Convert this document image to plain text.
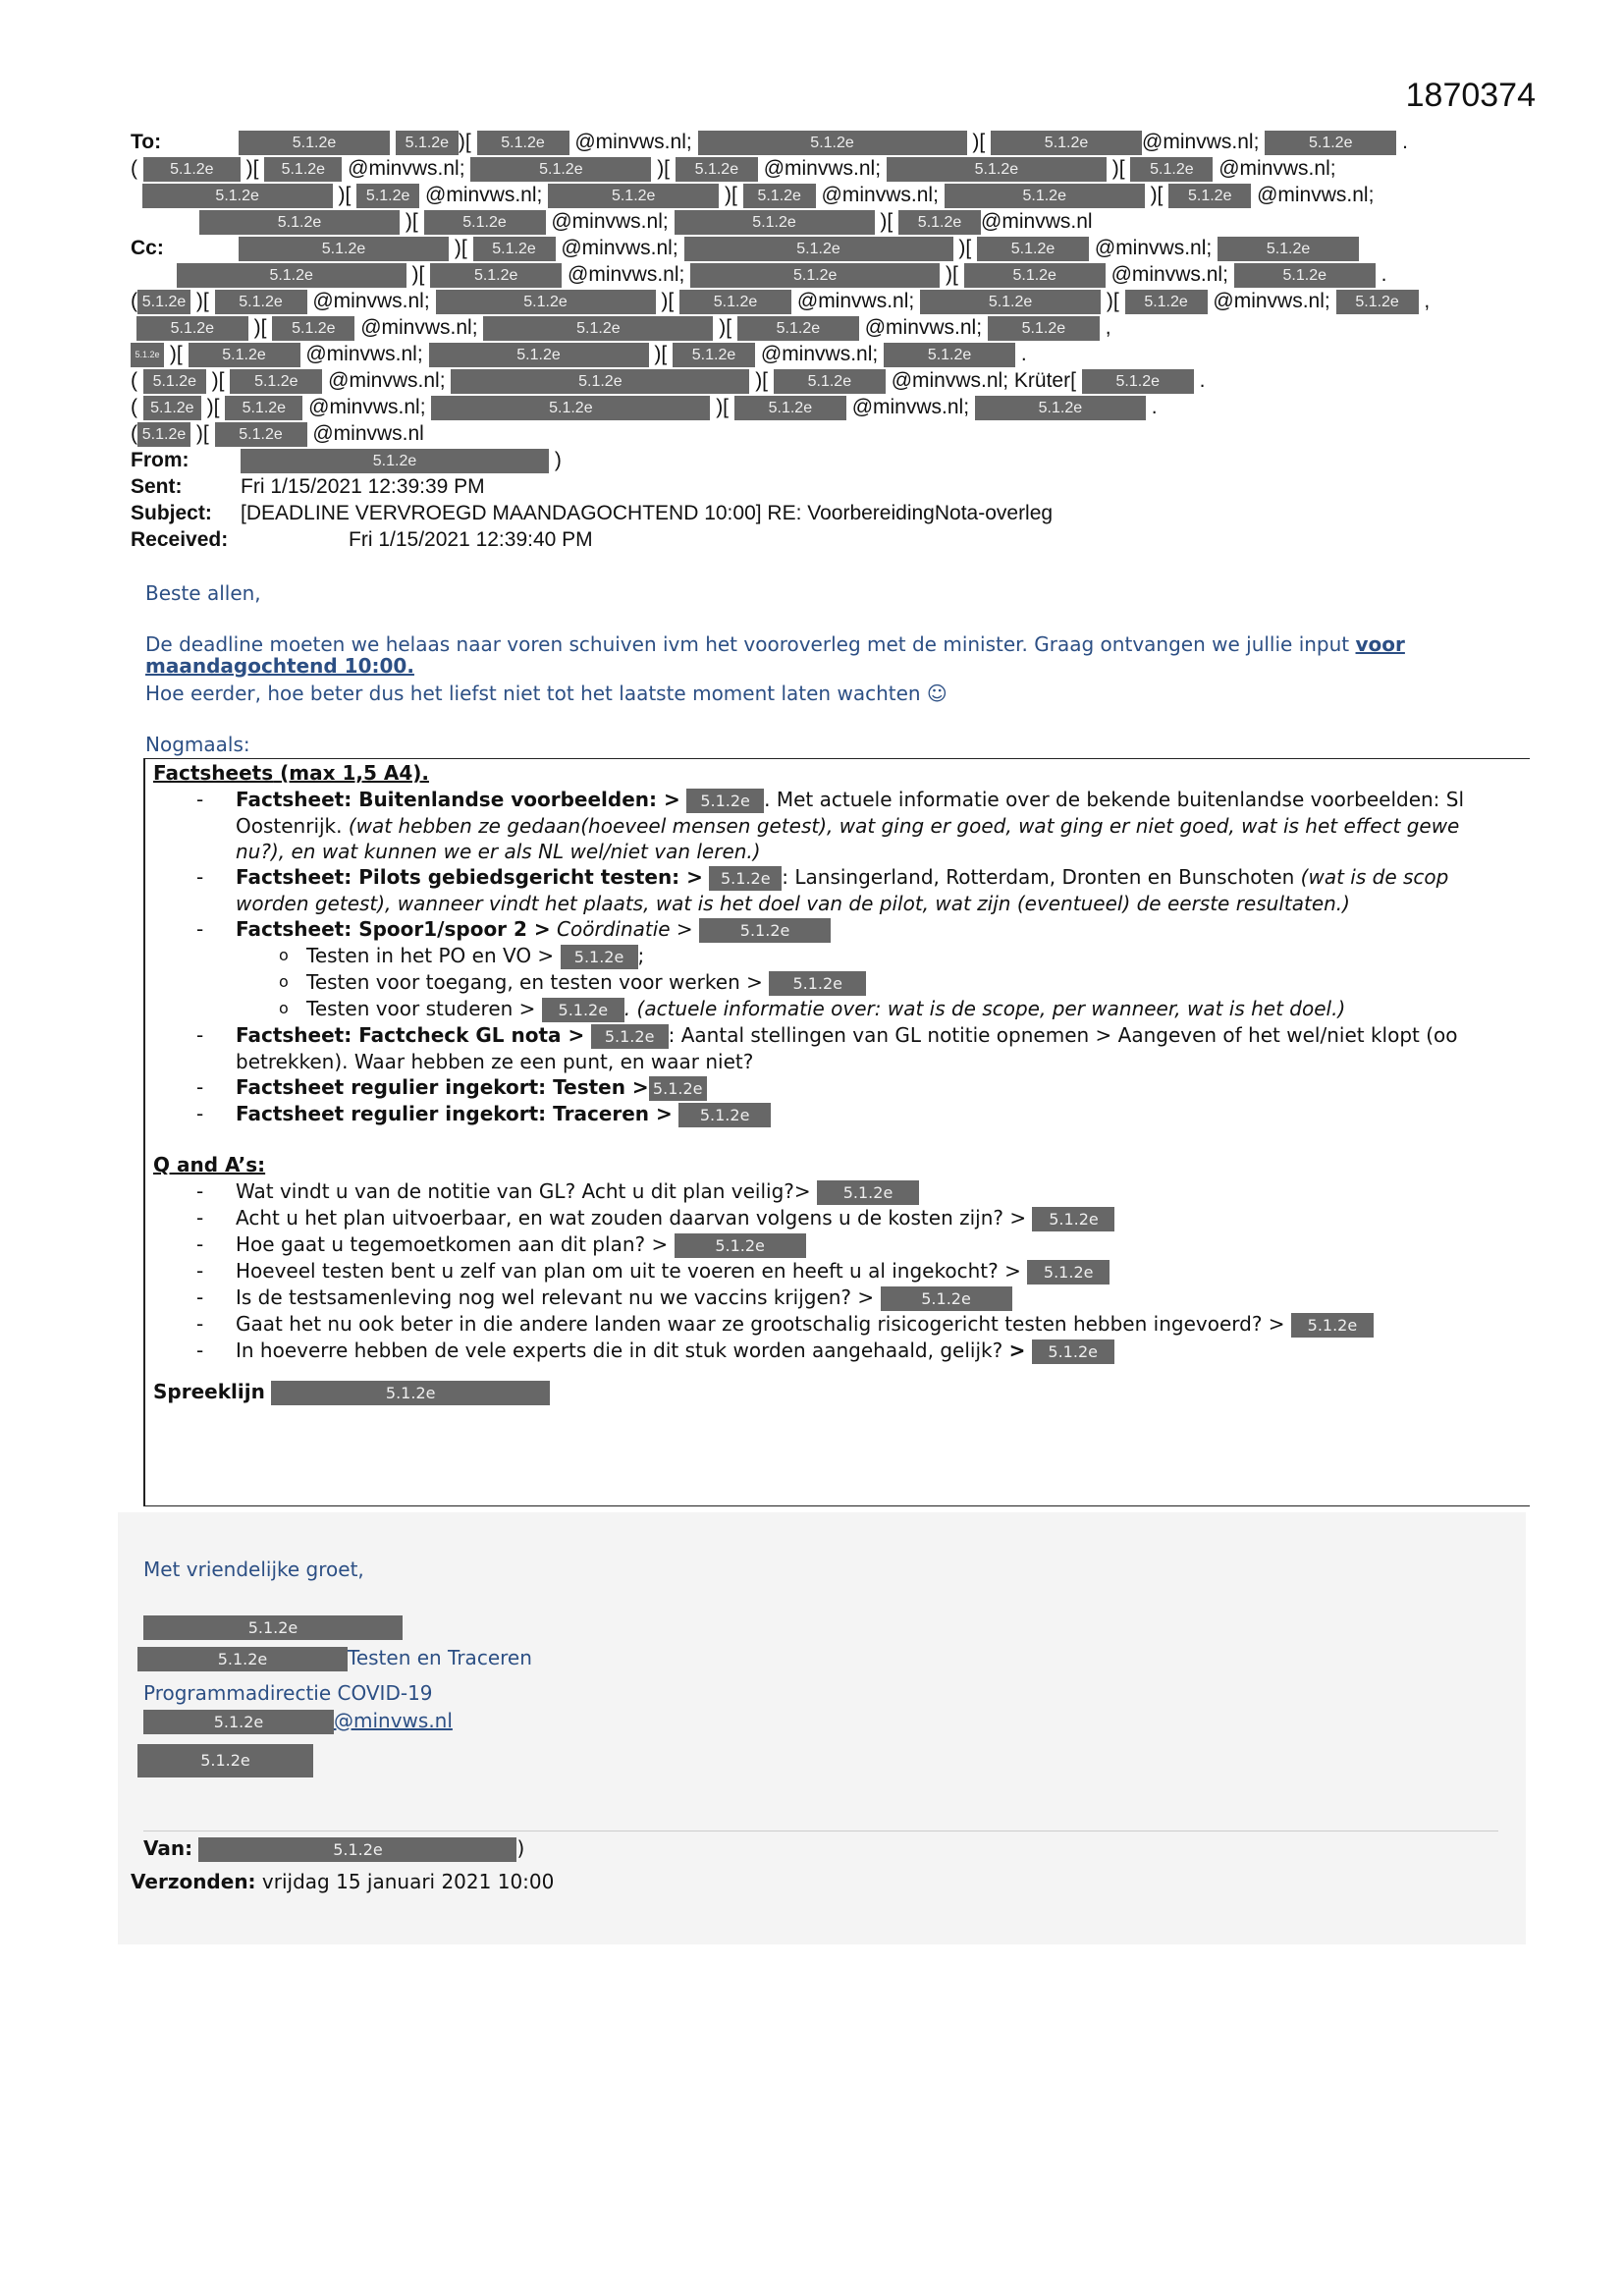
1870374
To:	5.1.2e	5.1.2e )[ 5.1.2e @minvws.nl;	5.1.2e	)[	5.1.2e	@minvws.nl;	5.1.2e .
( 5.1.2e )[ 5.1.2e @minvws.nl;	5.1.2e	)[ 5.1.2e @minvws.nl;	5.1.2e	)[ 5.1.2e @minvws.nl;
5.1.2e	)[ 5.1.2e @minvws.nl;	5.1.2e	)[ 5.1.2e @minvws.nl;	5.1.2e	)[ 5.1.2e @minvws.nl;
5.1.2e	)[ 5.1.2e @minvws.nl;	5.1.2e	)[ 5.1.2e @minvws.nl
Cc:	5.1.2e	)[ 5.1.2e @minvws.nl;	5.1.2e	)[ 5.1.2e @minvws.nl;	5.1.2e
5.1.2e	)[	5.1.2e @minvws.nl;	5.1.2e	)[	5.1.2e	@minvws.nl;	5.1.2e .
( 5.1.2e )[ 5.1.2e @minvws.nl;	5.1.2e	)[ 5.1.2e @minvws.nl;	5.1.2e	)[ 5.1.2e @minvws.nl; 5.1.2e ,
5.1.2e )[ 5.1.2e @minvws.nl;	5.1.2e	)[ 5.1.2e @minvws.nl; 5.1.2e ,
5.1.2e )[ 5.1.2e @minvws.nl;	5.1.2e	)[ 5.1.2e @minvws.nl;	5.1.2e .
( 5.1.2e )[ 5.1.2e @minvws.nl;	5.1.2e	)[ 5.1.2e @minvws.nl; Krüter[	5.1.2e .
( 5.1.2e )[ 5.1.2e @minvws.nl;	5.1.2e	)[ 5.1.2e @minvws.nl;	5.1.2e	.
( 5.1.2e )[ 5.1.2e @minvws.nl
From:	5.1.2e	)
Sent:	Fri 1/15/2021 12:39:39 PM
Subject: [DEADLINE VERVROEGD MAANDAGOCHTEND 10:00] RE: VoorbereidingNota-overleg
Received:	Fri 1/15/2021 12:39:40 PM
Beste allen,
De deadline moeten we helaas naar voren schuiven ivm het vooroverleg met de minister. Graag ontvangen we jullie input voor maandagochtend 10:00.
Hoe eerder, hoe beter dus het liefst niet tot het laatste moment laten wachten ☺
Nogmaals:
Factsheets (max 1,5 A4).
- Factsheet: Buitenlandse voorbeelden: > 5.1.2e . Met actuele informatie over de bekende buitenlandse voorbeelden: Sl
Oostenrijk. (wat hebben ze gedaan(hoeveel mensen getest), wat ging er goed, wat ging er niet goed, wat is het effect gewe
nu?), en wat kunnen we er als NL wel/niet van leren.)
- Factsheet: Pilots gebiedsgericht testen: > 5.1.2e : Lansingerland, Rotterdam, Dronten en Bunschoten (wat is de scop
worden getest), wanneer vindt het plaats, wat is het doel van de pilot, wat zijn (eventueel) de eerste resultaten.)
- Factsheet: Spoor1/spoor 2 > Coördinatie >	5.1.2e
o Testen in het PO en VO > 5.1.2e ;
o Testen voor toegang, en testen voor werken > 5.1.2e
o Testen voor studeren > 5.1.2e . (actuele informatie over: wat is de scope, per wanneer, wat is het doel.)
- Factsheet: Factcheck GL nota > 5.1.2e : Aantal stellingen van GL notitie opnemen > Aangeven of het wel/niet klopt (oo
betrekken). Waar hebben ze een punt, en waar niet?
- Factsheet regulier ingekort: Testen > 5.1.2e
- Factsheet regulier ingekort: Traceren > 5.1.2e
Q and A’s:
- Wat vindt u van de notitie van GL? Acht u dit plan veilig?> 5.1.2e
- Acht u het plan uitvoerbaar, en wat zouden daarvan volgens u de kosten zijn? > 5.1.2e
- Hoe gaat u tegemoetkomen aan dit plan? >	5.1.2e
- Hoeveel testen bent u zelf van plan om uit te voeren en heeft u al ingekocht? > 5.1.2e
- Is de testsamenleving nog wel relevant nu we vaccins krijgen? >	5.1.2e
- Gaat het nu ook beter in die andere landen waar ze grootschalig risicogericht testen hebben ingevoerd? > 5.1.2e
- In hoeverre hebben de vele experts die in dit stuk worden aangehaald, gelijk? > 5.1.2e
Spreeklijn	5.1.2e
Met vriendelijke groet,
5.1.2e
5.1.2e	Testen en Traceren
Programmadirectie COVID-19
5.1.2e	@minvws.nl
5.1.2e
Van:	5.1.2e	)
Verzonden: vrijdag 15 januari 2021 10:00
